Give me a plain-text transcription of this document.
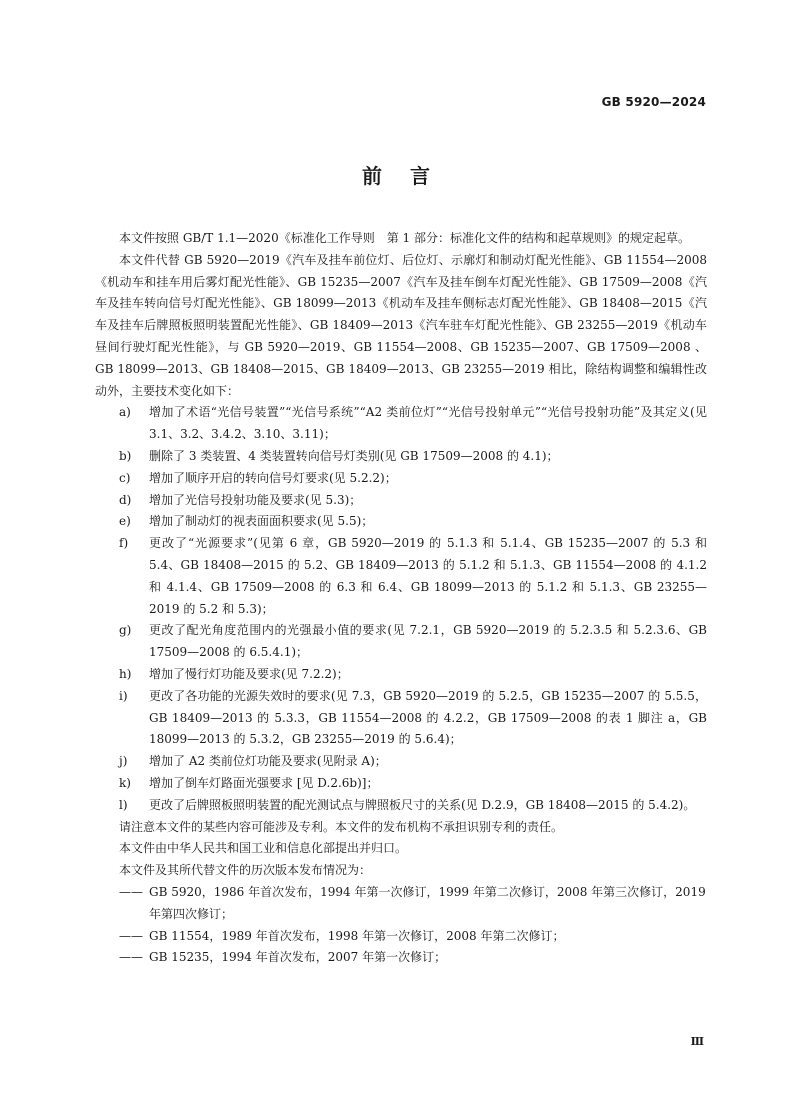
GB 5920—2024
前言

本文件按照 GB/T 1.1—2020《标准化工作导则　第 1 部分：标准化文件的结构和起草规则》的规定起草。

本文件代替 GB 5920—2019《汽车及挂车前位灯、后位灯、示廓灯和制动灯配光性能》、GB 11554—2008《机动车和挂车用后雾灯配光性能》、GB 15235—2007《汽车及挂车倒车灯配光性能》、GB 17509—2008《汽车及挂车转向信号灯配光性能》、GB 18099—2013《机动车及挂车侧标志灯配光性能》、GB 18408—2015《汽车及挂车后牌照板照明装置配光性能》、GB 18409—2013《汽车驻车灯配光性能》、GB 23255—2019《机动车昼间行驶灯配光性能》，与 GB 5920—2019、GB 11554—2008、GB 15235—2007、GB 17509—2008 、GB 18099—2013、GB 18408—2015、GB 18409—2013、GB 23255—2019 相比，除结构调整和编辑性改动外，主要技术变化如下：

a) 增加了术语“光信号装置”“光信号系统”“A2 类前位灯”“光信号投射单元”“光信号投射功能”及其定义(见 3.1、3.2、3.4.2、3.10、3.11)；

b) 删除了 3 类装置、4 类装置转向信号灯类别(见 GB 17509—2008 的 4.1)；

c) 增加了顺序开启的转向信号灯要求(见 5.2.2)；

d) 增加了光信号投射功能及要求(见 5.3)；

e) 增加了制动灯的视表面面积要求(见 5.5)；

f) 更改了“光源要求”(见第 6 章，GB 5920—2019 的 5.1.3 和 5.1.4、GB 15235—2007 的 5.3 和 5.4、GB 18408—2015 的 5.2、GB 18409—2013 的 5.1.2 和 5.1.3、GB 11554—2008 的 4.1.2 和 4.1.4、GB 17509—2008 的 6.3 和 6.4、GB 18099—2013 的 5.1.2 和 5.1.3、GB 23255—2019 的 5.2 和 5.3)；

g) 更改了配光角度范围内的光强最小值的要求(见 7.2.1，GB 5920—2019 的 5.2.3.5 和 5.2.3.6、GB 17509—2008 的 6.5.4.1)；

h) 增加了慢行灯功能及要求(见 7.2.2)；

i) 更改了各功能的光源失效时的要求(见 7.3，GB 5920—2019 的 5.2.5，GB 15235—2007 的 5.5.5，GB 18409—2013 的 5.3.3，GB 11554—2008 的 4.2.2，GB 17509—2008 的表 1 脚注 a，GB 18099—2013 的 5.3.2，GB 23255—2019 的 5.6.4)；

j) 增加了 A2 类前位灯功能及要求(见附录 A)；

k) 增加了倒车灯路面光强要求 [见 D.2.6b)]；

l) 更改了后牌照板照明装置的配光测试点与牌照板尺寸的关系(见 D.2.9，GB 18408—2015 的 5.4.2)。

请注意本文件的某些内容可能涉及专利。本文件的发布机构不承担识别专利的责任。

本文件由中华人民共和国工业和信息化部提出并归口。

本文件及其所代替文件的历次版本发布情况为：

—— GB 5920，1986 年首次发布，1994 年第一次修订，1999 年第二次修订，2008 年第三次修订，2019 年第四次修订；

—— GB 11554，1989 年首次发布，1998 年第一次修订，2008 年第二次修订；

—— GB 15235，1994 年首次发布，2007 年第一次修订；

Ⅲ
